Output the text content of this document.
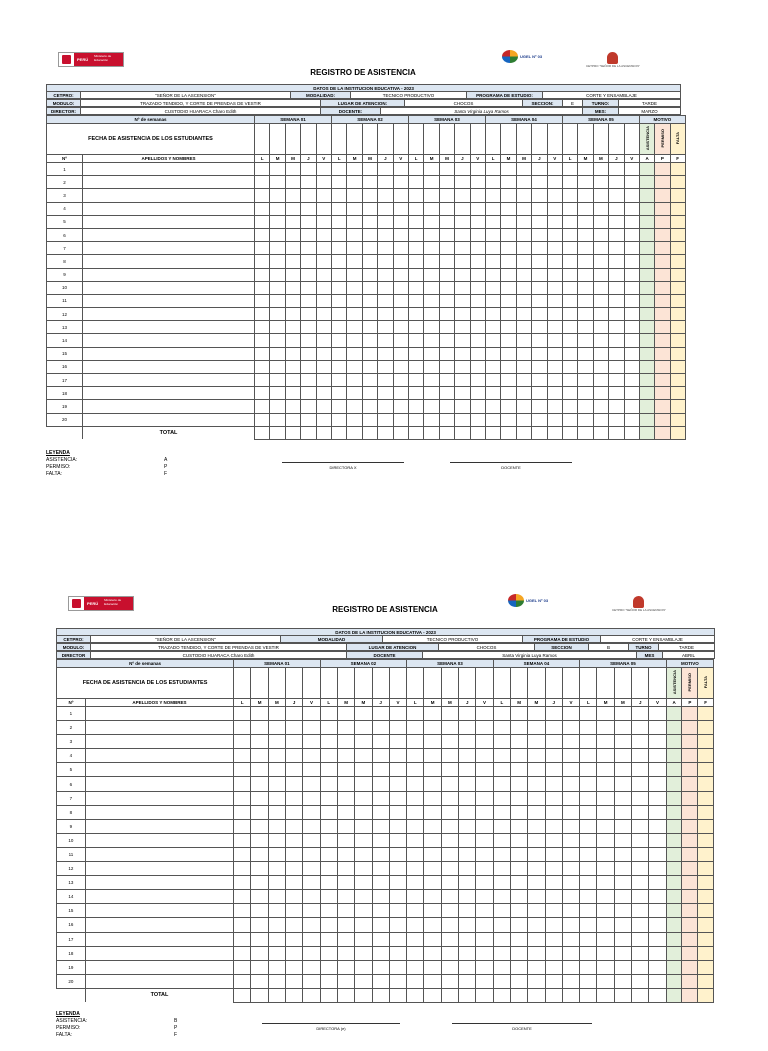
PERÚ
Ministerio de Educación
UGEL Nº 03
CETPRO "SEÑOR DE LA ASCENSION"
REGISTRO DE ASISTENCIA
DATOS DE LA INSTITUCION EDUCATIVA - 2023
CETPRO:	"SEÑOR DE LA ASCENSION"	MODALIDAD:	TECNICO PRODUCTIVO	PROGRAMA DE ESTUDIO:	CORTE Y ENSAMBLAJE
MODULO:	TRAZADO TENDIDO, Y CORTE DE PRENDAS DE VESTIR	LUGAR DE ATENCION:	CHOCOS	SECCION:	E	TURNO:	TARDE
DIRECTOR:	CUSTODIO HUARACA Charo Edith	DOCENTE:	Santa Virginia Luya Ramos	MES:	MARZO
Nº de semanas		SEMANA 01					SEMANA 02					SEMANA 03					SEMANA 04					SEMANA 05					MOTIVO		
FECHA DE ASISTENCIA DE LOS ESTUDIANTES																											ASISTENCIA	PERMISO	FALTA
Nº	APELLIDOS Y NOMBRES	L	M	M	J	V	L	M	M	J	V	L	M	M	J	V	L	M	M	J	V	L	M	M	J	V	A	P	F
1																													
2																													
3																													
4																													
5																													
6																													
7																													
8																													
9																													
10																													
11																													
12																													
13																													
14																													
15																													
16																													
17																													
18																													
19																													
20																													
	TOTAL																												
LEYENDA
ASISTENCIA:	A
PERMISO:	P
FALTA:	F
DIRECTORA X	DOCENTE
PERÚ
Ministerio de Educación
UGEL Nº 03
CETPRO "SEÑOR DE LA ASCENSION"
REGISTRO DE ASISTENCIA
DATOS DE LA INSTITUCION EDUCATIVA - 2023
CETPRO:	"SEÑOR DE LA ASCENSION"	MODALIDAD	TECNICO PRODUCTIVO	PROGRAMA DE ESTUDIO	CORTE Y ENSAMBLAJE
MODULO:	TRAZADO TENDIDO, Y CORTE DE PRENDAS DE VESTIR	LUGAR DE ATENCION	CHOCOS	SECCION	B	TURNO	TARDE
DIRECTOR	CUSTODIO HUARACA Charo Edith	DOCENTE	Santa Virginia Luya Ramos	MES	ABRIL
Nº de semanas		SEMANA 01					SEMANA 02					SEMANA 03					SEMANA 04					SEMANA 05					MOTIVO		
FECHA DE ASISTENCIA DE LOS ESTUDIANTES																											ASISTENCIA	PERMISO	FALTA
Nº	APELLIDOS Y NOMBRES	L	M	M	J	V	L	M	M	J	V	L	M	M	J	V	L	M	M	J	V	L	M	M	J	V	A	P	F
1																													
2																													
3																													
4																													
5																													
6																													
7																													
8																													
9																													
10																													
11																													
12																													
13																													
14																													
15																													
16																													
17																													
18																													
19																													
20																													
	TOTAL																												
LEYENDA
ASISTENCIA:	B
PERMISO:	P
FALTA:	F
DIRECTORA (e)	DOCENTE
